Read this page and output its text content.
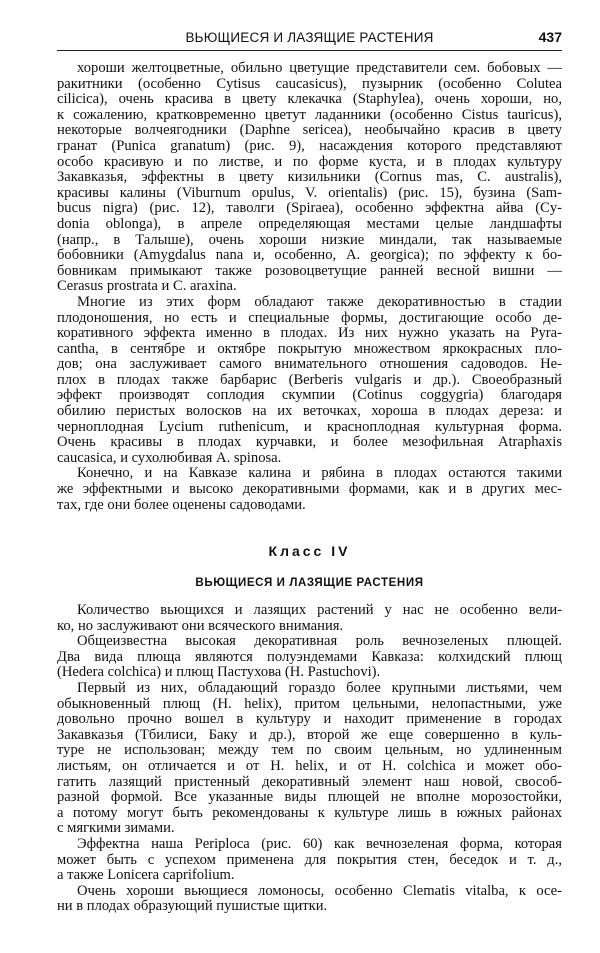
ВЬЮЩИЕСЯ И ЛАЗЯЩИЕ РАСТЕНИЯ	437
хороши желтоцветные, обильно цветущие представители сем. бобовых —
ракитники (особенно Cytisus caucasicus), пузырник (особенно Colutea
cilicica), очень красива в цвету клекачка (Staphylea), очень хороши, но,
к сожалению, кратковременно цветут ладанники (особенно Cistus tauricus),
некоторые волчеягодники (Daphne sericea), необычайно красив в цвету
гранат (Punica granatum) (рис. 9), насаждения которого представляют
особо красивую и по листве, и по форме куста, и в плодах культуру
Закавказья, эффектны в цвету кизильники (Cornus mas, C. australis),
красивы калины (Viburnum opulus, V. orientalis) (рис. 15), бузина (Sam-
bucus nigra) (рис. 12), таволги (Spiraea), особенно эффектна айва (Cy-
donia oblonga), в апреле определяющая местами целые ландшафты
(напр., в Талыше), очень хороши низкие миндали, так называемые
бобовники (Amygdalus nana и, особенно, A. georgica); по эффекту к бо-
бовникам примыкают также розовоцветущие ранней весной вишни —
Cerasus prostrata и C. araxina.
Многие из этих форм обладают также декоративностью в стадии
плодоношения, но есть и специальные формы, достигающие особо де-
коративного эффекта именно в плодах. Из них нужно указать на Pyra-
cantha, в сентябре и октябре покрытую множеством яркокрасных пло-
дов; она заслуживает самого внимательного отношения садоводов. Не-
плох в плодах также барбарис (Berberis vulgaris и др.). Своеобразный
эффект производят соплодия скумпии (Cotinus coggygria) благодаря
обилию перистых волосков на их веточках, хороша в плодах дереза: и
черноплодная Lycium ruthenicum, и краснoплодная культурная форма.
Очень красивы в плодах курчавки, и более мезофильная Atraphaxis
caucasica, и сухолюбивая A. spinosa.
Конечно, и на Кавказе калина и рябина в плодах остаются такими
же эффектными и высоко декоративными формами, как и в других мес-
тах, где они более оценены садоводами.
Класс IV
ВЬЮЩИЕСЯ И ЛАЗЯЩИЕ РАСТЕНИЯ
Количество вьющихся и лазящих растений у нас не особенно вели-
ко, но заслуживают они всяческого внимания.
Общеизвестна высокая декоративная роль вечнозеленых плющей.
Два вида плюща являются полуэндемами Кавказа: колхидский плющ
(Hedera colchica) и плющ Пастухова (H. Pastuchovi).
Первый из них, обладающий гораздо более крупными листьями, чем
обыкновенный плющ (H. helix), притом цельными, нелопастными, уже
довольно прочно вошел в культуру и находит применение в городах
Закавказья (Тбилиси, Баку и др.), второй же еще совершенно в куль-
туре не использован; между тем по своим цельным, но удлиненным
листьям, он отличается и от H. helix, и от H. colchica и может обо-
гатить лазящий пристенный декоративный элемент наш новой, свособ-
разной формой. Все указанные виды плющей не вполне морозостойки,
а потому могут быть рекомендованы к культуре лишь в южных районах
с мягкими зимами.
Эффектна наша Periploca (рис. 60) как вечнозеленая форма, которая
может быть с успехом применена для покрытия стен, беседок и т. д.,
а также Lonicera caprifolium.
Очень хороши вьющиеся ломоносы, особенно Clematis vitalba, к осе-
ни в плодах образующий пушистые щитки.
